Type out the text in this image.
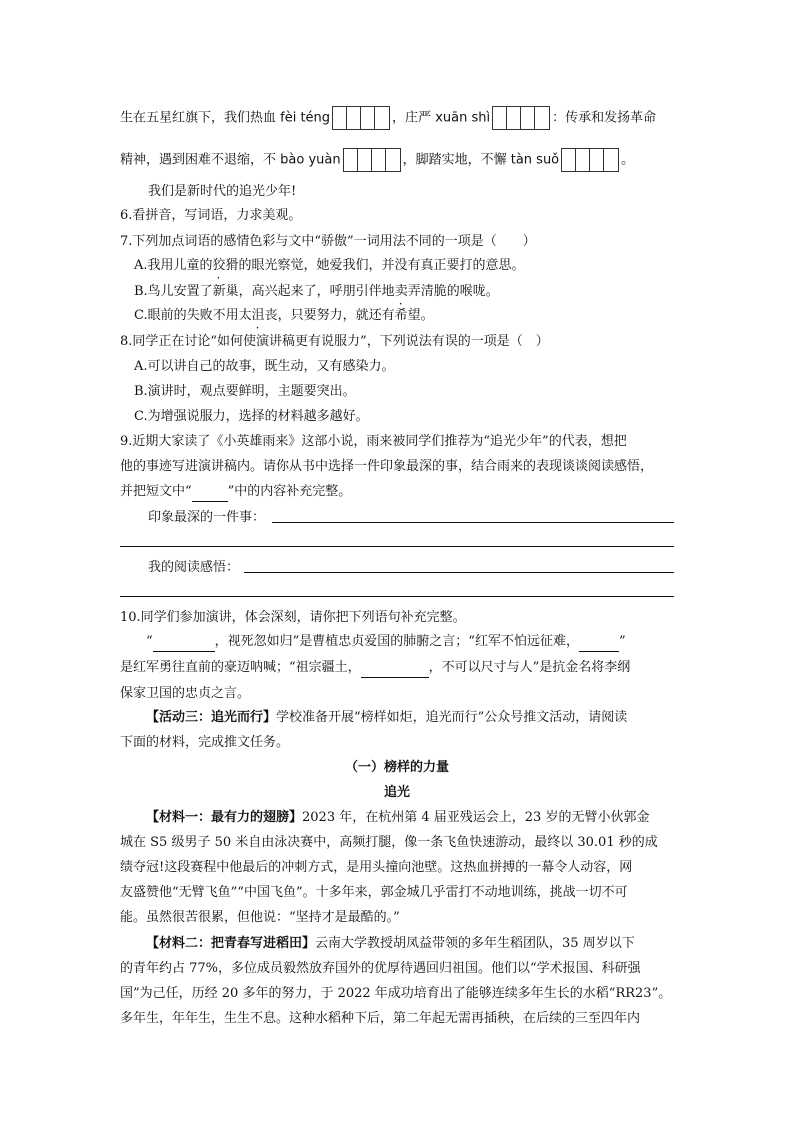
生在五星红旗下，我们热血 fèi téng	，庄严 xuān shì	：传承和发扬革命
精神，遇到困难不退缩，不 bào yuàn	，脚踏实地，不懈 tàn suǒ	。
我们是新时代的追光少年!
6.看拼音，写词语，力求美观。
7.下列加点词语的感情色彩与文中“骄傲”一词用法不同的一项是（　　）
A.我用儿童的狡猾的眼光察觉，她爱我们，并没有真正要打的意思。
B.鸟儿安置了新巢，高兴起来了，呼朋引伴地卖弄清脆的喉咙。
C.眼前的失败不用太沮丧，只要努力，就还有希望。
8.同学正在讨论“如何使演讲稿更有说服力”，下列说法有误的一项是（　）
A.可以讲自己的故事，既生动，又有感染力。
B.演讲时，观点要鲜明，主题要突出。
C.为增强说服力，选择的材料越多越好。
9.近期大家读了《小英雄雨来》这部小说，雨来被同学们推荐为“追光少年”的代表，想把
他的事迹写进演讲稿内。请你从书中选择一件印象最深的事，结合雨来的表现谈谈阅读感悟，
并把短文中“	”中的内容补充完整。
印象最深的一件事：
我的阅读感悟：
10.同学们参加演讲，体会深刻，请你把下列语句补充完整。
“	，视死忽如归”是曹植忠贞爱国的肺腑之言；“红军不怕远征难，	”
是红军勇往直前的豪迈呐喊；“祖宗疆土，	，不可以尺寸与人”是抗金名将李纲
保家卫国的忠贞之言。
【活动三：追光而行】学校准备开展“榜样如炬，追光而行”公众号推文活动，请阅读
下面的材料，完成推文任务。
（一）榜样的力量
追光
【材料一：最有力的翅膀】2023 年，在杭州第 4 届亚残运会上，23 岁的无臂小伙郭金
城在 S5 级男子 50 米自由泳决赛中，高频打腿，像一条飞鱼快速游动，最终以 30.01 秒的成
绩夺冠!这段赛程中他最后的冲刺方式，是用头撞向池壁。这热血拼搏的一幕令人动容，网
友盛赞他“无臂飞鱼”“中国飞鱼”。十多年来，郭金城几乎雷打不动地训练，挑战一切不可
能。虽然很苦很累，但他说：“坚持才是最酷的。”
【材料二：把青春写进稻田】云南大学教授胡凤益带领的多年生稻团队，35 周岁以下
的青年约占 77%，多位成员毅然放弃国外的优厚待遇回归祖国。他们以“学术报国、科研强
国”为己任，历经 20 多年的努力，于 2022 年成功培育出了能够连续多年生长的水稻“RR23”。
多年生，年年生，生生不息。这种水稻种下后，第二年起无需再插秧，在后续的三至四年内
